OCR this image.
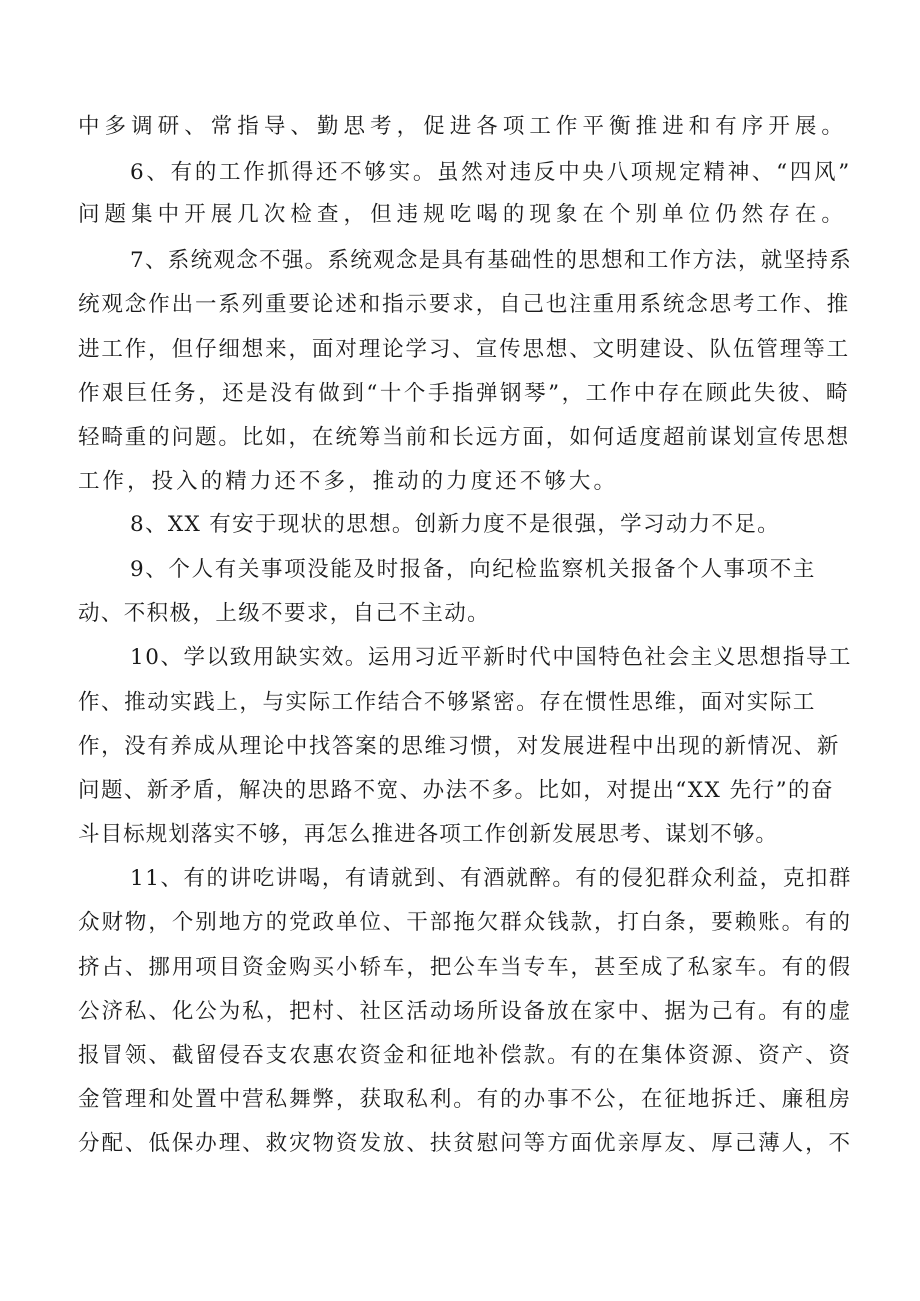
中多调研、常指导、勤思考，促进各项工作平衡推进和有序开展。
6、有的工作抓得还不够实。虽然对违反中央八项规定精神、“四风”
问题集中开展几次检查，但违规吃喝的现象在个别单位仍然存在。
7、系统观念不强。系统观念是具有基础性的思想和工作方法，就坚持系
统观念作出一系列重要论述和指示要求，自己也注重用系统念思考工作、推
进工作，但仔细想来，面对理论学习、宣传思想、文明建设、队伍管理等工
作艰巨任务，还是没有做到“十个手指弹钢琴”，工作中存在顾此失彼、畸
轻畸重的问题。比如，在统筹当前和长远方面，如何适度超前谋划宣传思想
工作，投入的精力还不多，推动的力度还不够大。
8、XX 有安于现状的思想。创新力度不是很强，学习动力不足。
9、个人有关事项没能及时报备，向纪检监察机关报备个人事项不主
动、不积极，上级不要求，自己不主动。
10、学以致用缺实效。运用习近平新时代中国特色社会主义思想指导工
作、推动实践上，与实际工作结合不够紧密。存在惯性思维，面对实际工
作，没有养成从理论中找答案的思维习惯，对发展进程中出现的新情况、新
问题、新矛盾，解决的思路不宽、办法不多。比如，对提出“XX 先行”的奋
斗目标规划落实不够，再怎么推进各项工作创新发展思考、谋划不够。
11、有的讲吃讲喝，有请就到、有酒就醉。有的侵犯群众利益，克扣群
众财物，个别地方的党政单位、干部拖欠群众钱款，打白条，要赖账。有的
挤占、挪用项目资金购买小轿车，把公车当专车，甚至成了私家车。有的假
公济私、化公为私，把村、社区活动场所设备放在家中、据为己有。有的虚
报冒领、截留侵吞支农惠农资金和征地补偿款。有的在集体资源、资产、资
金管理和处置中营私舞弊，获取私利。有的办事不公，在征地拆迁、廉租房
分配、低保办理、救灾物资发放、扶贫慰问等方面优亲厚友、厚己薄人，不
